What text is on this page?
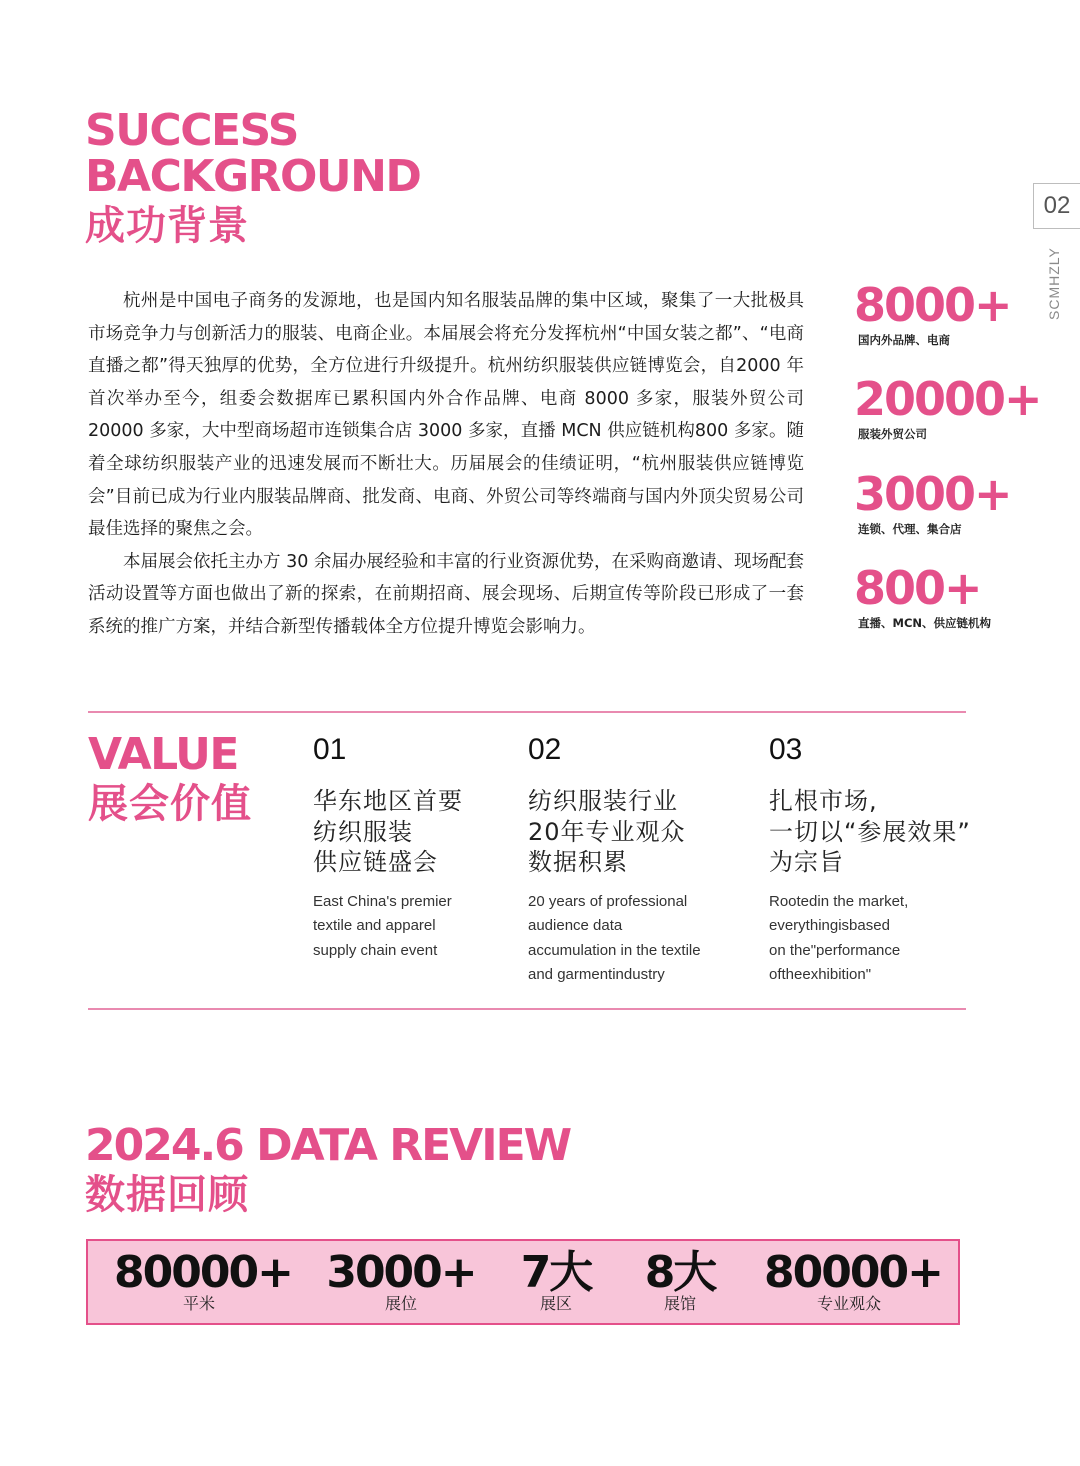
SUCCESS
BACKGROUND
成功背景	02
SCMHZLY

杭州是中国电子商务的发源地，也是国内知名服装品牌的集中区域，聚集了一大批极具市场竞争力与创新活力的服装、电商企业。本届展会将充分发挥杭州“中国女装之都”、“电商直播之都”得天独厚的优势，全方位进行升级提升。杭州纺织服装供应链博览会，自2000 年首次举办至今，组委会数据库已累积国内外合作品牌、电商 8000 多家，服装外贸公司 20000 多家，大中型商场超市连锁集合店 3000 多家，直播 MCN 供应链机构800 多家。随着全球纺织服装产业的迅速发展而不断壮大。历届展会的佳绩证明，“杭州服装供应链博览会”目前已成为行业内服装品牌商、批发商、电商、外贸公司等终端商与国内外顶尖贸易公司最佳选择的聚焦之会。

本届展会依托主办方 30 余届办展经验和丰富的行业资源优势，在采购商邀请、现场配套活动设置等方面也做出了新的探索，在前期招商、展会现场、后期宣传等阶段已形成了一套系统的推广方案，并结合新型传播载体全方位提升博览会影响力。

8000+
国内外品牌、电商
20000+
服装外贸公司
3000+
连锁、代理、集合店
800+
直播、MCN、供应链机构
VALUE
展会价值
01
华东地区首要
纺织服装
供应链盛会
East China's premier
textile and apparel
supply chain event
02
纺织服装行业
20年专业观众
数据积累
20 years of professional
audience data
accumulation in the textile
and garmentindustry
03
扎根市场,
一切以“参展效果”
为宗旨
Rootedin the market,
everythingisbased
on the"performance
oftheexhibition"
2024.6 DATA REVIEW
数据回顾
80000+
平米
3000+
展位
7大
展区
8大
展馆
80000+
专业观众
